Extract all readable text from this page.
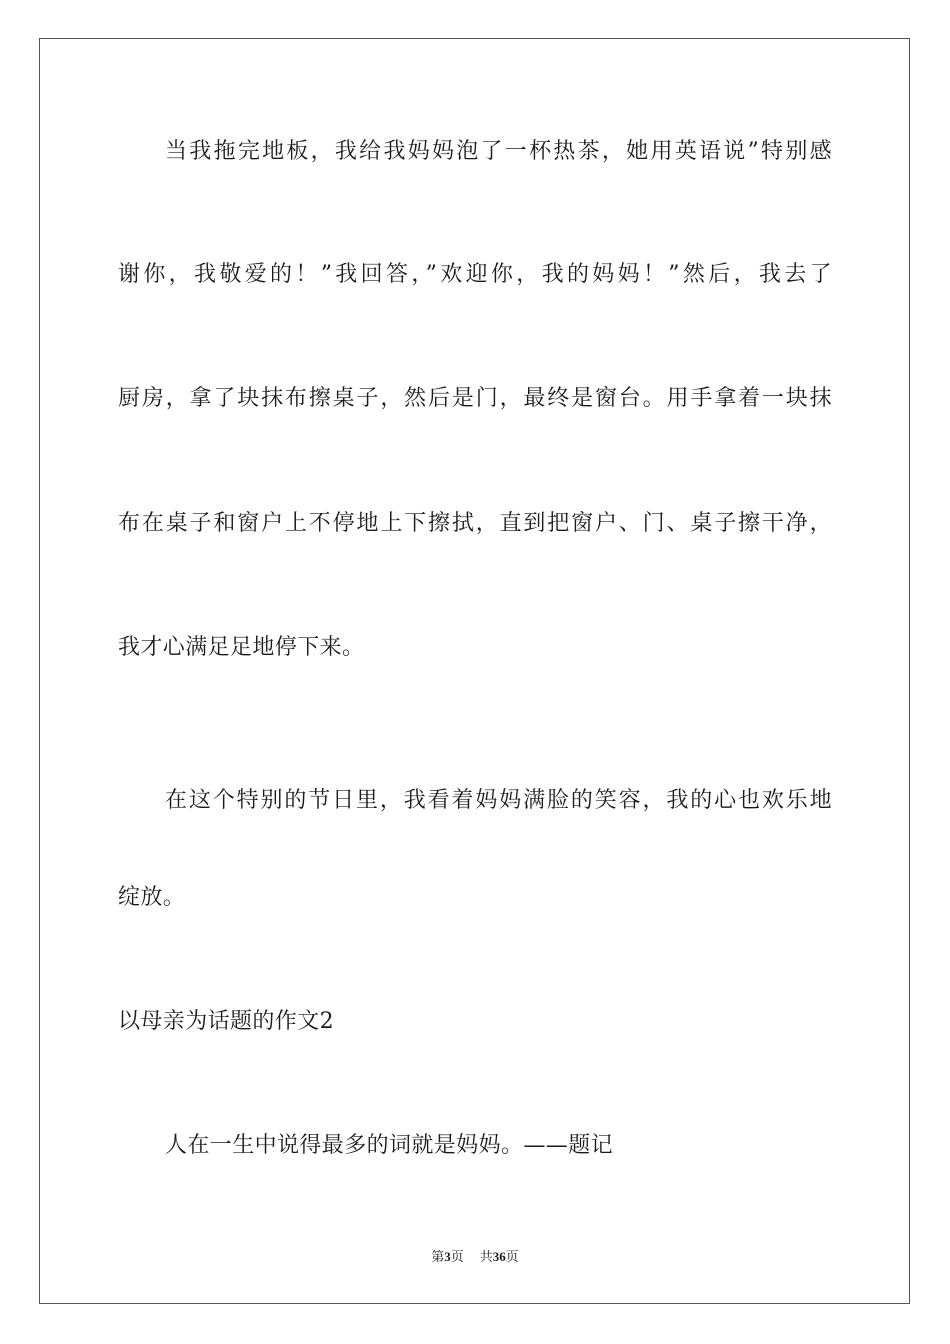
当我拖完地板，我给我妈妈泡了一杯热茶，她用英语说”特别感
谢你，我敬爱的！”我回答，”欢迎你，我的妈妈！”然后，我去了
厨房，拿了块抹布擦桌子，然后是门，最终是窗台。用手拿着一块抹
布在桌子和窗户上不停地上下擦拭，直到把窗户、门、桌子擦干净，
我才心满足足地停下来。
在这个特别的节日里，我看着妈妈满脸的笑容，我的心也欢乐地
绽放。
以母亲为话题的作文2
人在一生中说得最多的词就是妈妈。——题记
第3页 共36页
